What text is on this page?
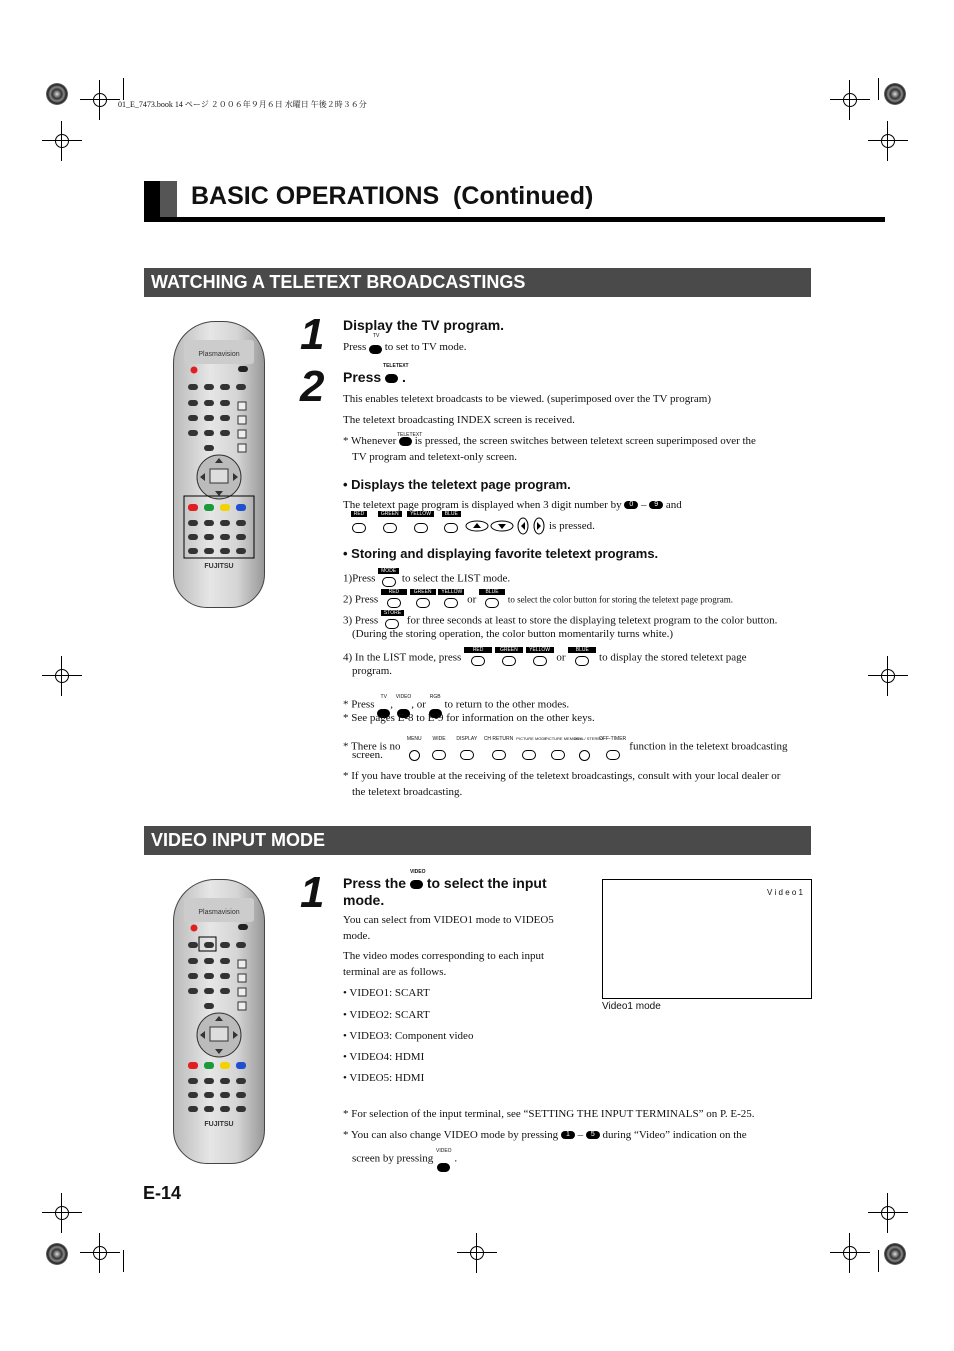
01_E_7473.book 14 ページ ２００６年９月６日 水曜日 午後２時３６分
BASIC OPERATIONS  (Continued)
WATCHING A TELETEXT BROADCASTINGS
Plasmavision
FUJITSU
1 Display the TV program.
Press
TV
to set to TV mode.
2 Press
TELETEXT
.
This enables teletext broadcasts to be viewed. (superimposed over the TV program)
The teletext broadcasting INDEX screen is received.
* Whenever TELETEXT
is pressed, the screen switches between teletext screen superimposed over the
TV program and teletext-only screen.
• Displays the teletext page program.
The teletext page program is displayed when 3 digit number by 0 – 9 and
RED	GREEN YELLOW	BLUE

is pressed.
• Storing and displaying favorite teletext programs.
1)Press
MODE
to select the LIST mode.
2) Press
RED
	GREEN
	YELLOW
or
BLUE
to select the color button for storing the teletext page program.
3) Press
STORE
for three seconds at least to store the displaying teletext program to the color button.
(During the storing operation, the color button momentarily turns white.)
4) In the LIST mode, press
RED
	GREEN
	YELLOW
or
BLUE
to display the stored teletext page
program.
* Press
TV
,
VIDEO
, or
RGB
to return to the other modes.
* See pages E-8 to E-9 for information on the other keys.
* There is no
MENU
	WIDE
	DISPLAY
	CH RETURN
PICTURE MODE

PICTURE MEMORY

DUAL/ STEREO

OFF-TIMER
function in the teletext broadcasting
screen.
* If you have trouble at the receiving of the teletext broadcastings, consult with your local dealer or
the teletext broadcasting.
VIDEO INPUT MODE
Plasmavision
FUJITSU
1 Press the
VIDEO
to select the input
mode.
You can select from VIDEO1 mode to VIDEO5
mode.
The video modes corresponding to each input
terminal are as follows.
• VIDEO1: SCART
• VIDEO2: SCART
• VIDEO3: Component video
• VIDEO4: HDMI
• VIDEO5: HDMI
V i d e o 1
Video1 mode
* For selection of the input terminal, see “SETTING THE INPUT TERMINALS” on P. E-25.
* You can also change VIDEO mode by pressing 1 – 5 during “Video” indication on the
screen by pressing
VIDEO
.
E-14
